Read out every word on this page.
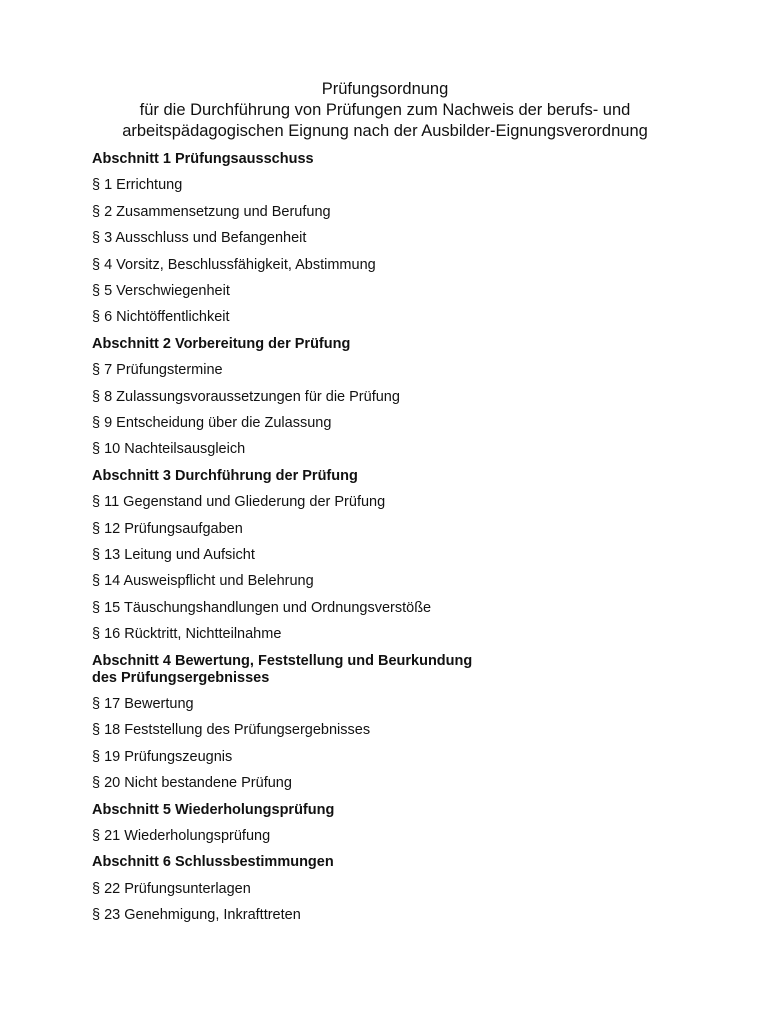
Prüfungsordnung
für die Durchführung von Prüfungen zum Nachweis der berufs- und
arbeitspädagogischen Eignung nach der Ausbilder-Eignungsverordnung
Abschnitt 1 Prüfungsausschuss
§ 1 Errichtung
§ 2 Zusammensetzung und Berufung
§ 3 Ausschluss und Befangenheit
§ 4 Vorsitz, Beschlussfähigkeit, Abstimmung
§ 5 Verschwiegenheit
§ 6 Nichtöffentlichkeit
Abschnitt 2 Vorbereitung der Prüfung
§ 7 Prüfungstermine
§ 8 Zulassungsvoraussetzungen für die Prüfung
§ 9 Entscheidung über die Zulassung
§ 10 Nachteilsausgleich
Abschnitt 3 Durchführung der Prüfung
§ 11 Gegenstand und Gliederung der Prüfung
§ 12 Prüfungsaufgaben
§ 13 Leitung und Aufsicht
§ 14 Ausweispflicht und Belehrung
§ 15 Täuschungshandlungen und Ordnungsverstöße
§ 16 Rücktritt, Nichtteilnahme
Abschnitt 4 Bewertung, Feststellung und Beurkundung
des Prüfungsergebnisses
§ 17 Bewertung
§ 18 Feststellung des Prüfungsergebnisses
§ 19 Prüfungszeugnis
§ 20 Nicht bestandene Prüfung
Abschnitt 5 Wiederholungsprüfung
§ 21 Wiederholungsprüfung
Abschnitt 6 Schlussbestimmungen
§ 22 Prüfungsunterlagen
§ 23 Genehmigung, Inkrafttreten
